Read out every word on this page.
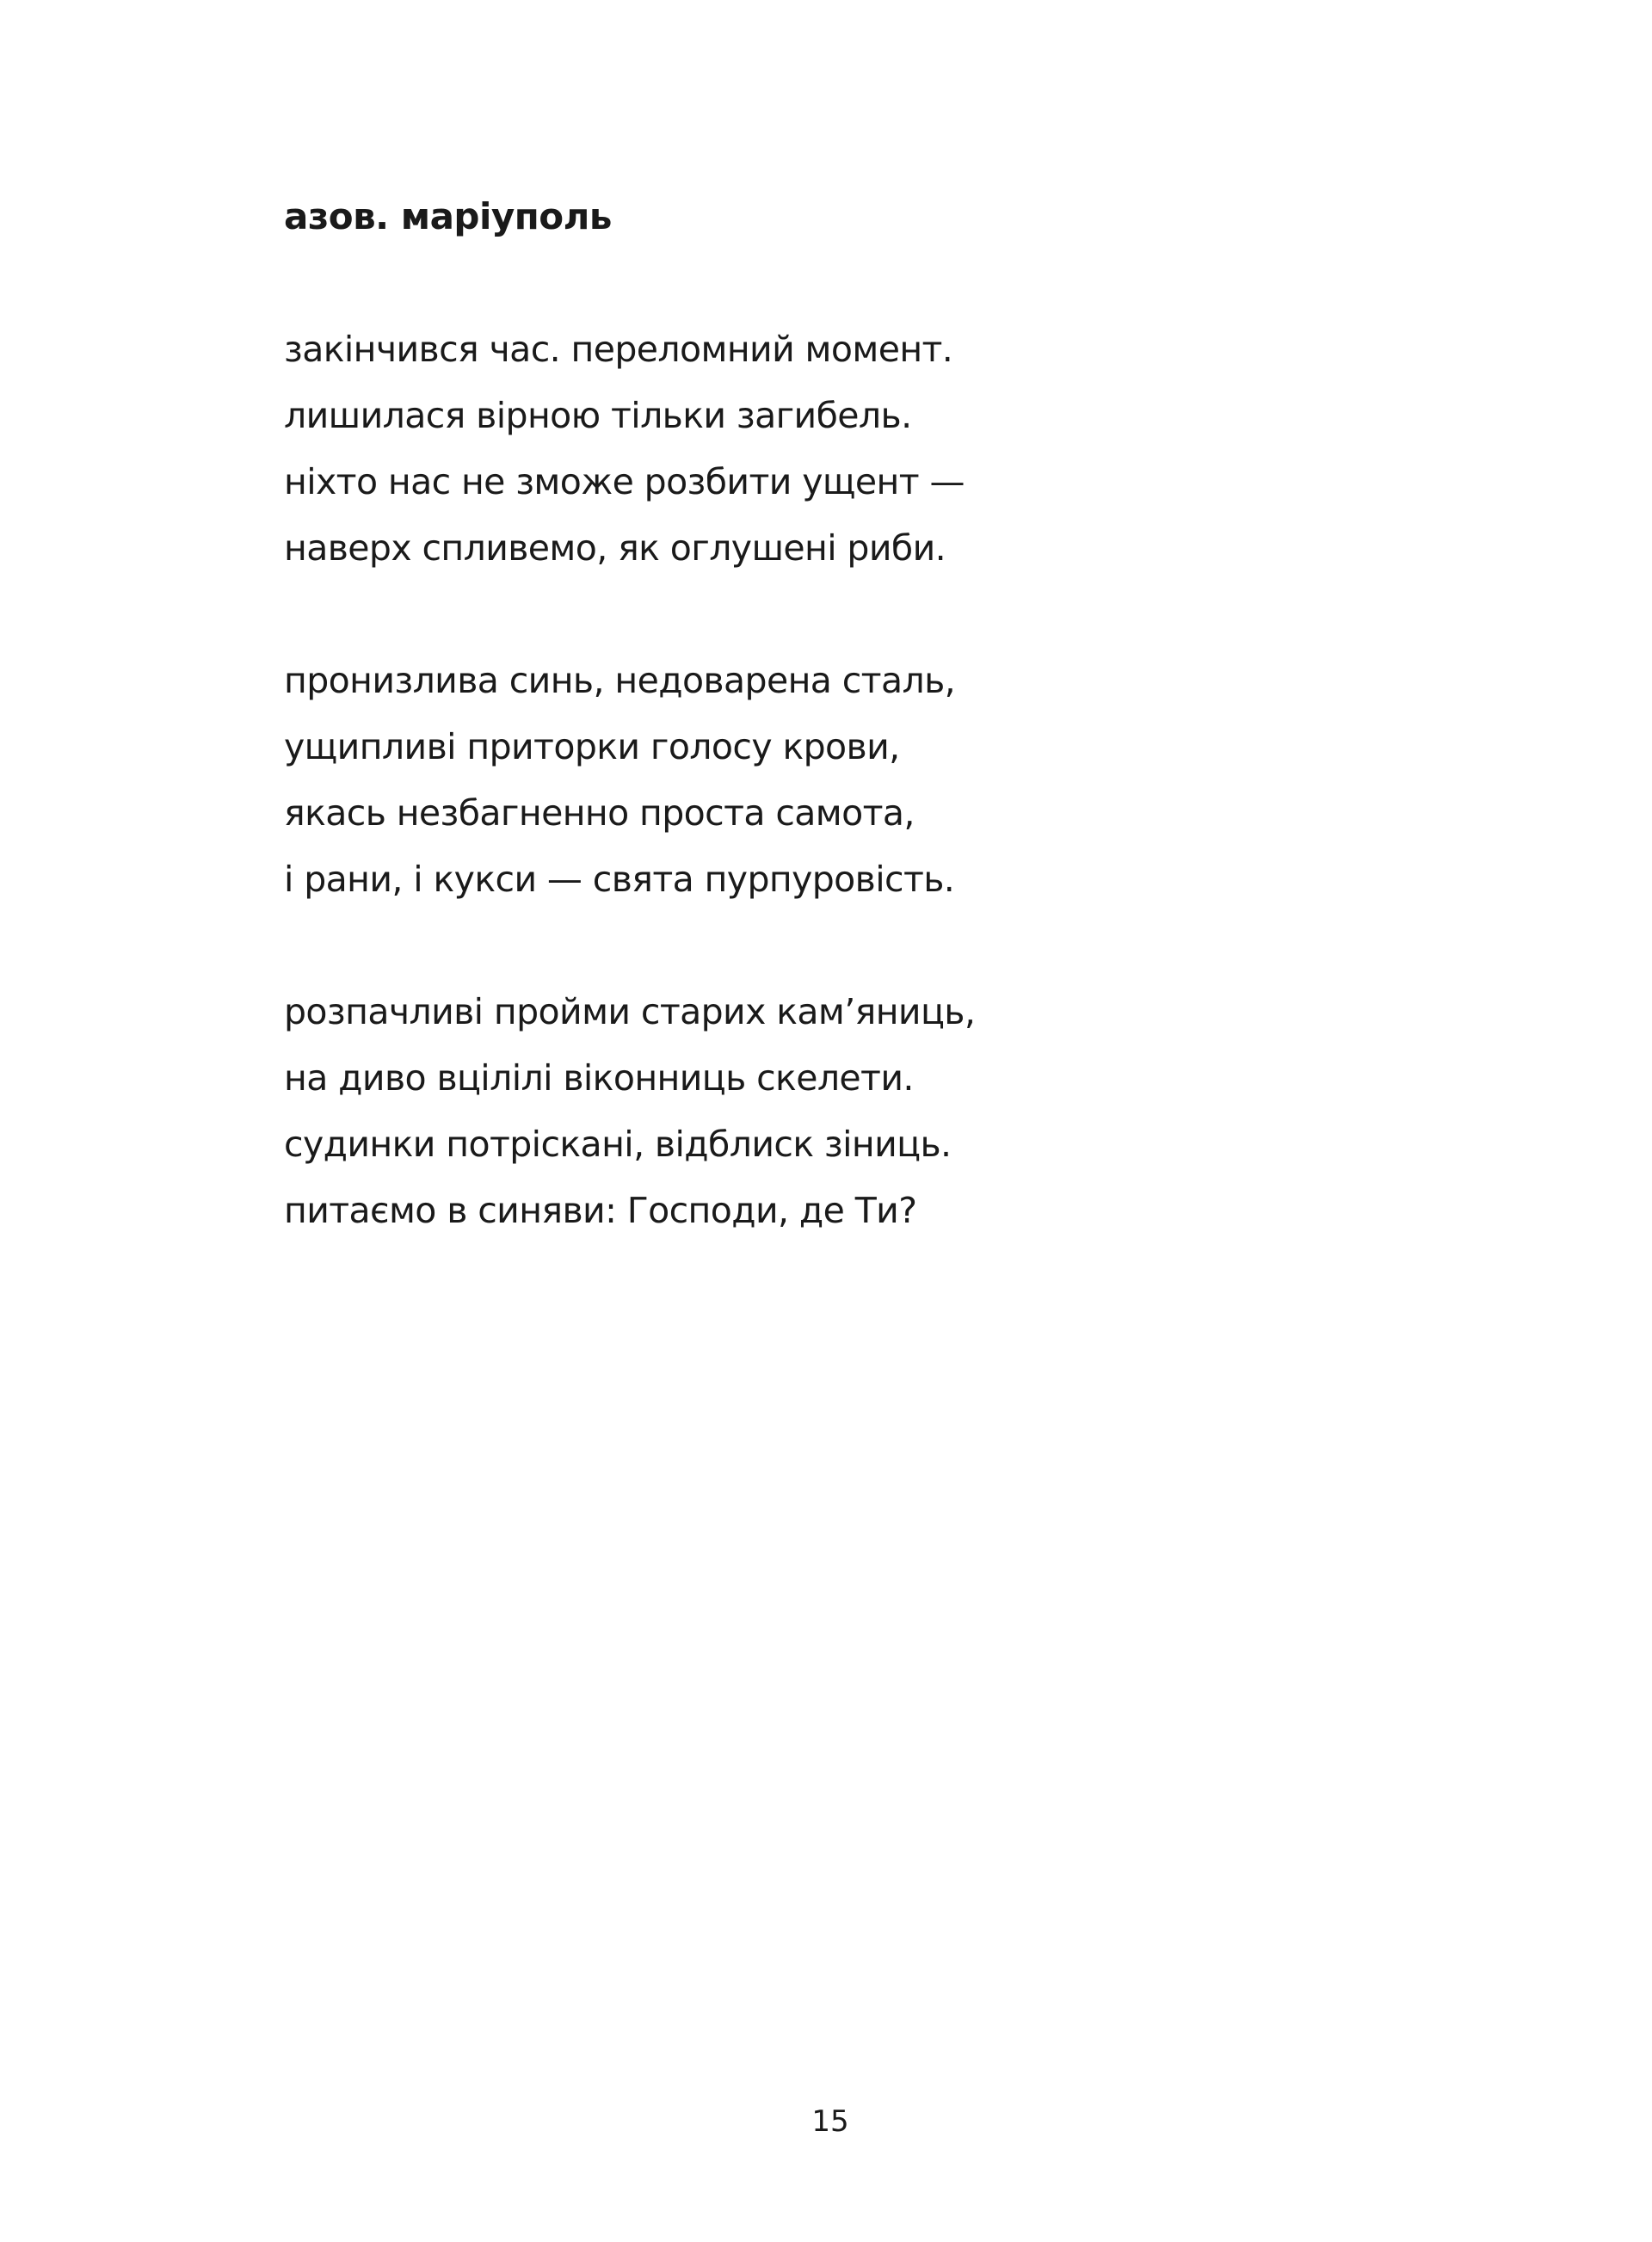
азов. маріуполь
закінчився час. переломний момент.
лишилася вірною тільки загибель.
ніхто нас не зможе розбити ущент —
наверх спливемо, як оглушені риби.
пронизлива синь, недоварена сталь,
ущипливі приторки голосу крови,
якась незбагненно проста самота,
і рани, і кукси — свята пурпуровість.
розпачливі пройми старих кам’яниць,
на диво вцілілі віконниць скелети.
судинки потріскані, відблиск зіниць.
питаємо в синяви: Господи, де Ти?
15
